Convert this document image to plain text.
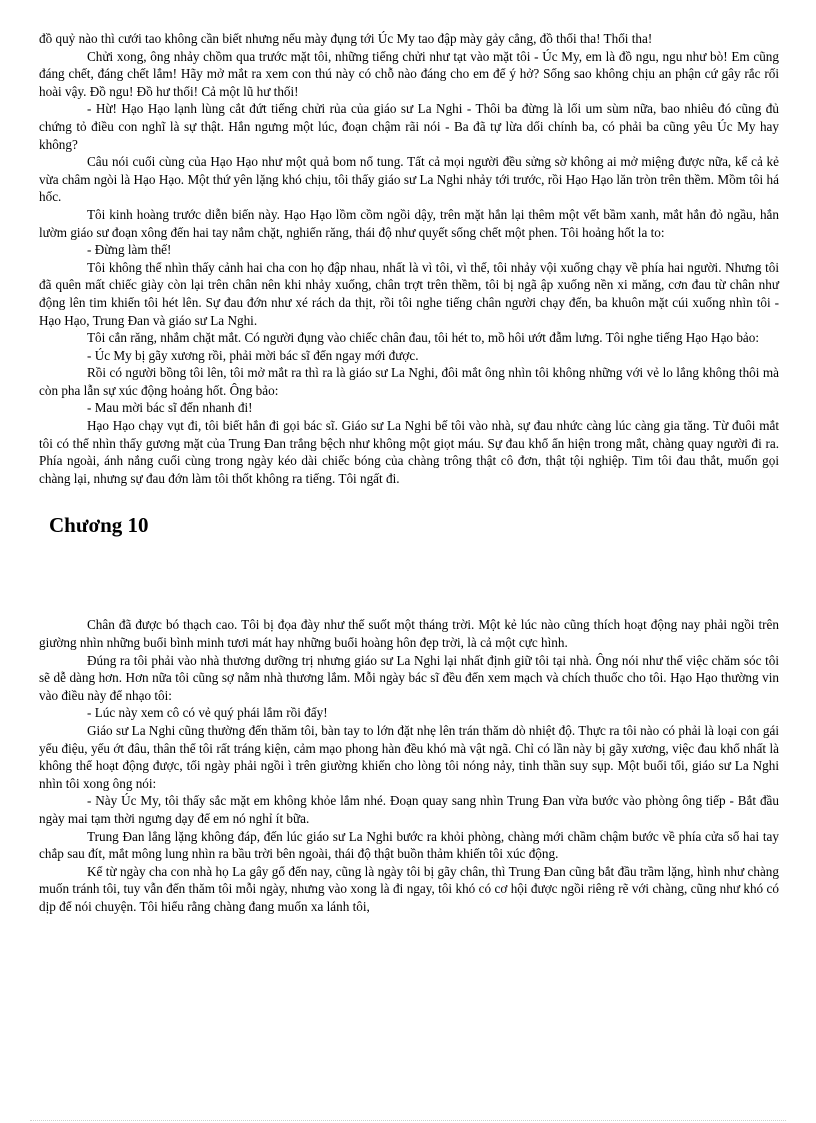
đồ quỷ nào thì cưới tao không cần biết nhưng nếu mày đụng tới Úc My tao đập mày gảy cẳng, đồ thối tha! Thối tha!

Chửi xong, ông nhảy chồm qua trước mặt tôi, những tiếng chửi như tạt vào mặt tôi - Úc My, em là đồ ngu, ngu như bò! Em cũng đáng chết, đáng chết lắm! Hãy mở mắt ra xem con thú này có chỗ nào đáng cho em để ý hở? Sống sao không chịu an phận cứ gây rắc rối hoài vậy. Đồ ngu! Đồ hư thối! Cả một lũ hư thối!

- Hừ! Hạo Hạo lạnh lùng cắt đứt tiếng chửi rủa của giáo sư La Nghi - Thôi ba đừng là lối um sùm nữa, bao nhiêu đó cũng đủ chứng tỏ điều con nghĩ là sự thật. Hắn ngưng một lúc, đoạn chậm rãi nói - Ba đã tự lừa dối chính ba, có phải ba cũng yêu Úc My hay không?

Câu nói cuối cùng của Hạo Hạo như một quả bom nổ tung. Tất cả mọi người đều sửng sờ không ai mở miệng được nữa, kể cả kẻ vừa châm ngòi là Hạo Hạo. Một thứ yên lặng khó chịu, tôi thấy giáo sư La Nghi nhảy tới trước, rồi Hạo Hạo lăn tròn trên thềm. Mồm tôi há hốc.

Tôi kinh hoàng trước diễn biến này. Hạo Hạo lồm cồm ngồi dậy, trên mặt hắn lại thêm một vết bầm xanh, mắt hắn đỏ ngầu, hắn lườm giáo sư đoạn xông đến hai tay nắm chặt, nghiến răng, thái độ như quyết sống chết một phen. Tôi hoảng hốt la to:

- Đừng làm thế!

Tôi không thể nhìn thấy cảnh hai cha con họ đập nhau, nhất là vì tôi, vì thế, tôi nhảy vội xuống chạy về phía hai người. Nhưng tôi đã quên mất chiếc giày còn lại trên chân nên khi nhảy xuống, chân trợt trên thềm, tôi bị ngã ập xuống nền xi măng, cơn đau từ chân như động lên tim khiến tôi hét lên. Sự đau đớn như xé rách da thịt, rồi tôi nghe tiếng chân người chạy đến, ba khuôn mặt cúi xuống nhìn tôi - Hạo Hạo, Trung Đan và giáo sư La Nghi.

Tôi cắn răng, nhắm chặt mắt. Có người đụng vào chiếc chân đau, tôi hét to, mồ hôi ướt đẫm lưng. Tôi nghe tiếng Hạo Hạo bảo:

- Úc My bị gãy xương rồi, phải mời bác sĩ đến ngay mới được.

Rồi có người bồng tôi lên, tôi mở mắt ra thì ra là giáo sư La Nghi, đôi mắt ông nhìn tôi không những với vẻ lo lắng không thôi mà còn pha lẫn sự xúc động hoảng hốt. Ông bảo:

- Mau mời bác sĩ đến nhanh đi!

Hạo Hạo chạy vụt đi, tôi biết hắn đi gọi bác sĩ. Giáo sư La Nghi bế tôi vào nhà, sự đau nhức càng lúc càng gia tăng. Từ đuôi mắt tôi có thể nhìn thấy gương mặt của Trung Đan trắng bệch như không một giọt máu. Sự đau khổ ẩn hiện trong mắt, chàng quay người đi ra. Phía ngoài, ánh nắng cuối cùng trong ngày kéo dài chiếc bóng của chàng trông thật cô đơn, thật tội nghiệp. Tim tôi đau thắt, muốn gọi chàng lại, nhưng sự đau đớn làm tôi thốt không ra tiếng. Tôi ngất đi.

Chương 10

Chân đã được bó thạch cao. Tôi bị đọa đày như thế suốt một tháng trời. Một kẻ lúc nào cũng thích hoạt động nay phải ngồi trên giường nhìn những buổi bình minh tươi mát hay những buổi hoàng hôn đẹp trời, là cả một cực hình.

Đúng ra tôi phải vào nhà thương dưỡng trị nhưng giáo sư La Nghi lại nhất định giữ tôi tại nhà. Ông nói như thế việc chăm sóc tôi sẽ dễ dàng hơn. Hơn nữa tôi cũng sợ nằm nhà thương lắm. Mỗi ngày bác sĩ đều đến xem mạch và chích thuốc cho tôi. Hạo Hạo thường vin vào điều này để nhạo tôi:

- Lúc này xem cô có vẻ quý phái lắm rồi đấy!

Giáo sư La Nghi cũng thường đến thăm tôi, bàn tay to lớn đặt nhẹ lên trán thăm dò nhiệt độ. Thực ra tôi nào có phải là loại con gái yểu điệu, yếu ớt đâu, thân thể tôi rất tráng kiện, cảm mạo phong hàn đều khó mà vật ngã. Chỉ có lần này bị gãy xương, việc đau khổ nhất là không thể hoạt động được, tối ngày phải ngồi ì trên giường khiến cho lòng tôi nóng nảy, tinh thần suy sụp. Một buổi tối, giáo sư La Nghi nhìn tôi xong ông nói:

- Này Úc My, tôi thấy sắc mặt em không khỏe lắm nhé. Đoạn quay sang nhìn Trung Đan vừa bước vào phòng ông tiếp - Bắt đầu ngày mai tạm thời ngưng dạy để em nó nghỉ ít bữa.

Trung Đan lẳng lặng không đáp, đến lúc giáo sư La Nghi bước ra khỏi phòng, chàng mới chầm chậm bước về phía cửa sổ hai tay chắp sau đít, mắt mông lung nhìn ra bầu trời bên ngoài, thái độ thật buồn thảm khiến tôi xúc động.

Kể từ ngày cha con nhà họ La gây gổ đến nay, cũng là ngày tôi bị gãy chân, thì Trung Đan cũng bắt đầu trầm lặng, hình như chàng muốn tránh tôi, tuy vẫn đến thăm tôi mỗi ngày, nhưng vào xong là đi ngay, tôi khó có cơ hội được ngồi riêng rẽ với chàng, cũng như khó có dịp để nói chuyện. Tôi hiểu rằng chàng đang muốn xa lánh tôi,
